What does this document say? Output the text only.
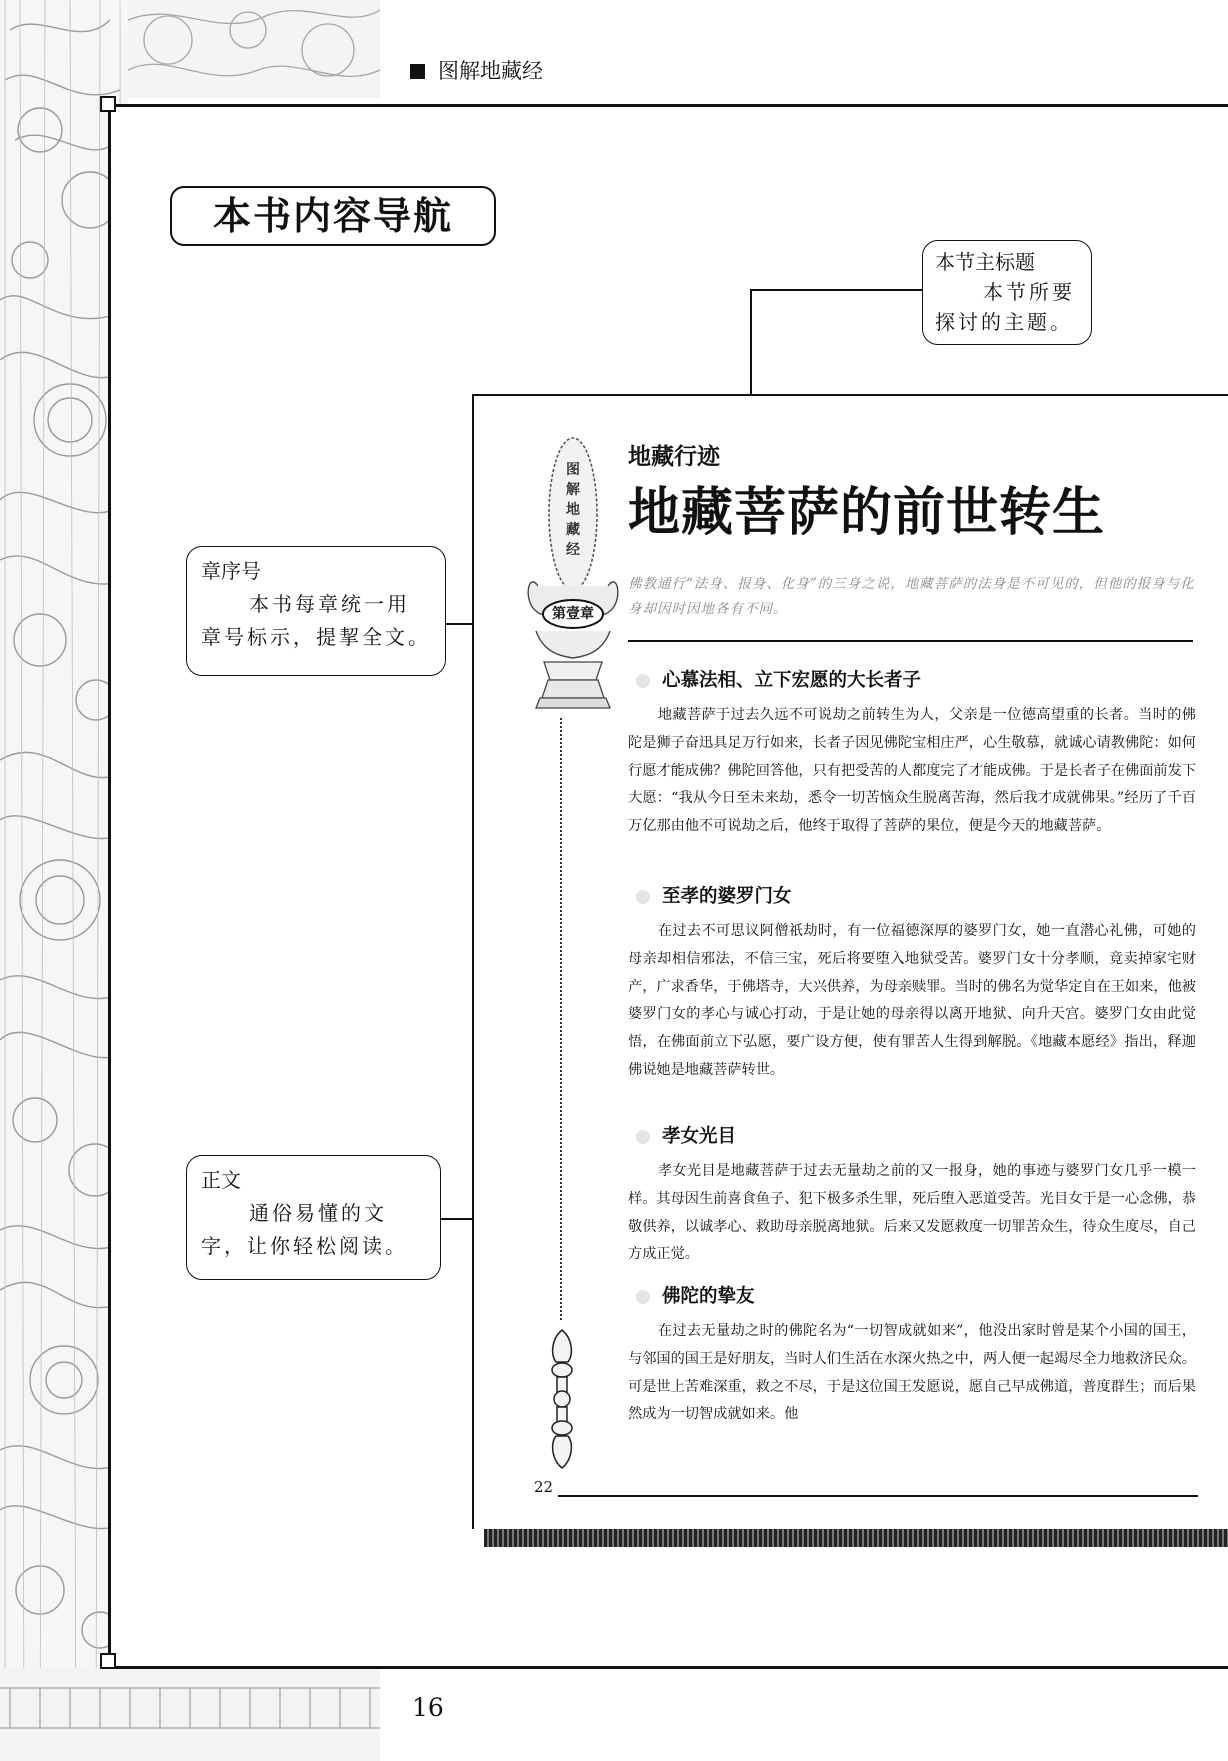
图解地藏经
本书内容导航
本节主标题
本节所要探讨的主题。
章序号
本书每章统一用章号标示，提挈全文。
正文
通俗易懂的文字，让你轻松阅读。
图
解
地
藏
经
第壹章
地藏行迹
地藏菩萨的前世转生
佛教通行“法身、报身、化身”的三身之说，地藏菩萨的法身是不可见的，但他的报身与化身却因时因地各有不同。
心慕法相、立下宏愿的大长者子
地藏菩萨于过去久远不可说劫之前转生为人，父亲是一位德高望重的长者。当时的佛陀是狮子奋迅具足万行如来，长者子因见佛陀宝相庄严，心生敬慕，就诚心请教佛陀：如何行愿才能成佛？佛陀回答他，只有把受苦的人都度完了才能成佛。于是长者子在佛面前发下大愿：“我从今日至未来劫，悉令一切苦恼众生脱离苦海，然后我才成就佛果。”经历了千百万亿那由他不可说劫之后，他终于取得了菩萨的果位，便是今天的地藏菩萨。
至孝的婆罗门女
在过去不可思议阿僧祇劫时，有一位福德深厚的婆罗门女，她一直潜心礼佛，可她的母亲却相信邪法，不信三宝，死后将要堕入地狱受苦。婆罗门女十分孝顺，竟卖掉家宅财产，广求香华，于佛塔寺，大兴供养，为母亲赎罪。当时的佛名为觉华定自在王如来，他被婆罗门女的孝心与诚心打动，于是让她的母亲得以离开地狱、向升天宫。婆罗门女由此觉悟，在佛面前立下弘愿，要广设方便，使有罪苦人生得到解脱。《地藏本愿经》指出，释迦佛说她是地藏菩萨转世。
孝女光目
孝女光目是地藏菩萨于过去无量劫之前的又一报身，她的事迹与婆罗门女几乎一模一样。其母因生前喜食鱼子、犯下极多杀生罪，死后堕入恶道受苦。光目女于是一心念佛，恭敬供养，以诚孝心、救助母亲脱离地狱。后来又发愿救度一切罪苦众生，待众生度尽，自己方成正觉。
佛陀的挚友
在过去无量劫之时的佛陀名为“一切智成就如来”，他没出家时曾是某个小国的国王，与邻国的国王是好朋友，当时人们生活在水深火热之中，两人便一起竭尽全力地救济民众。可是世上苦难深重，救之不尽，于是这位国王发愿说，愿自己早成佛道，普度群生；而后果然成为一切智成就如来。他
22
16
